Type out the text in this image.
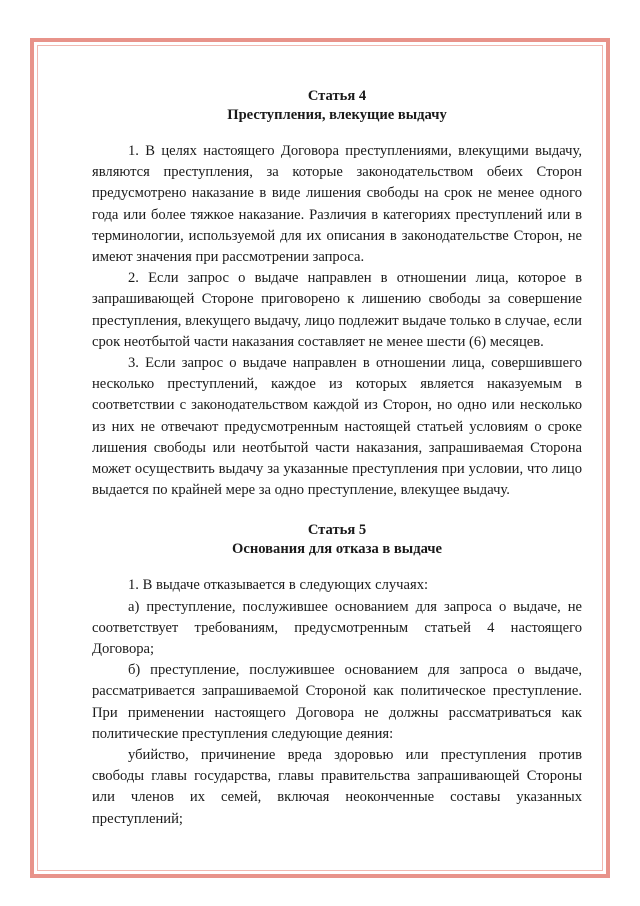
Статья 4
Преступления, влекущие выдачу

1. В целях настоящего Договора преступлениями, влекущими выдачу, являются преступления, за которые законодательством обеих Сторон предусмотрено наказание в виде лишения свободы на срок не менее одного года или более тяжкое наказание. Различия в категориях преступлений или в терминологии, используемой для их описания в законодательстве Сторон, не имеют значения при рассмотрении запроса.

2. Если запрос о выдаче направлен в отношении лица, которое в запрашивающей Стороне приговорено к лишению свободы за совершение преступления, влекущего выдачу, лицо подлежит выдаче только в случае, если срок неотбытой части наказания составляет не менее шести (6) месяцев.

3. Если запрос о выдаче направлен в отношении лица, совершившего несколько преступлений, каждое из которых является наказуемым в соответствии с законодательством каждой из Сторон, но одно или несколько из них не отвечают предусмотренным настоящей статьей условиям о сроке лишения свободы или неотбытой части наказания, запрашиваемая Сторона может осуществить выдачу за указанные преступления при условии, что лицо выдается по крайней мере за одно преступление, влекущее выдачу.

Статья 5
Основания для отказа в выдаче

1. В выдаче отказывается в следующих случаях:

а) преступление, послужившее основанием для запроса о выдаче, не соответствует требованиям, предусмотренным статьей 4 настоящего Договора;

б) преступление, послужившее основанием для запроса о выдаче, рассматривается запрашиваемой Стороной как политическое преступление. При применении настоящего Договора не должны рассматриваться как политические преступления следующие деяния:

убийство, причинение вреда здоровью или преступления против свободы главы государства, главы правительства запрашивающей Стороны или членов их семей, включая неоконченные составы указанных преступлений;
